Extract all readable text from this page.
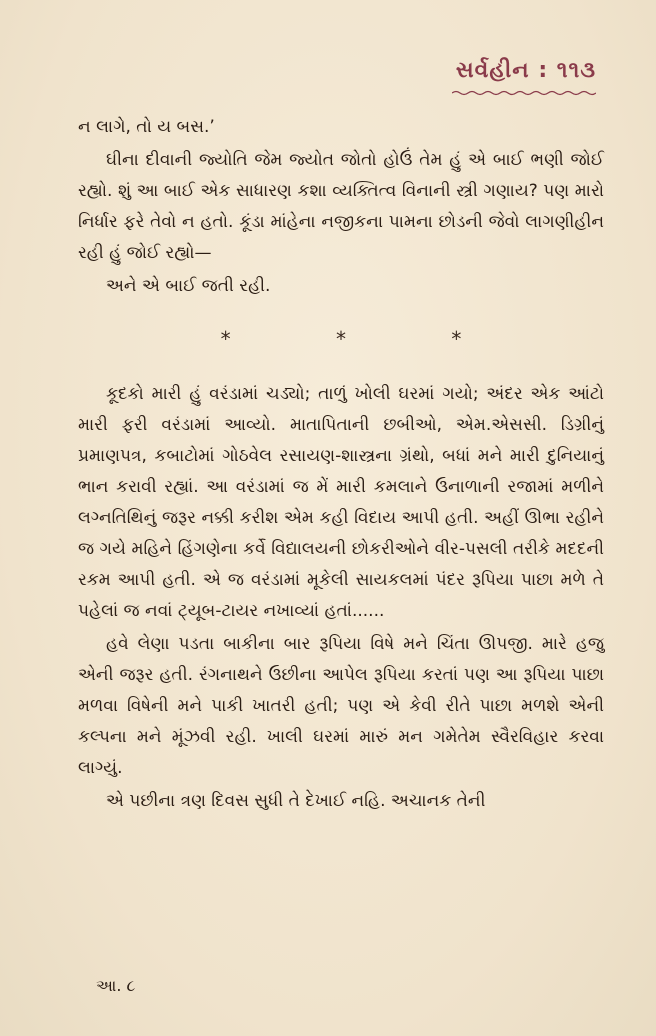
સર્વહીન : ૧૧૩

ન લાગે, તો ય બસ.’

ઘીના દીવાની જ્યોતિ જેમ જ્યોત જોતો હોઉં તેમ હું એ બાઈ ભણી જોઈ રહ્યો. શું આ બાઈ એક સાધારણ કશા વ્યક્તિત્વ વિનાની સ્ત્રી ગણાય? પણ મારો નિર્ધાર ફરે તેવો ન હતો. કૂંડા માંહેના નજીકના પામના છોડની જેવો લાગણીહીન રહી હું જોઈ રહ્યો—

અને એ બાઈ જતી રહી.

*	*	*

કૂદકો મારી હું વરંડામાં ચડ્યો; તાળું ખોલી ઘરમાં ગયો; અંદર એક આંટો મારી ફરી વરંડામાં આવ્યો. માતાપિતાની છબીઓ, એમ.એસસી. ડિગ્રીનું પ્રમાણપત્ર, કબાટોમાં ગોઠવેલ રસાયણ-શાસ્ત્રના ગ્રંથો, બધાં મને મારી દુનિયાનું ભાન કરાવી રહ્યાં. આ વરંડામાં જ મેં મારી કમલાને ઉનાળાની રજામાં મળીને લગ્નતિથિનું જરૂર નક્કી કરીશ એમ કહી વિદાય આપી હતી. અહીં ઊભા રહીને જ ગયે મહિને હિંગણેના કર્વે વિદ્યાલયની છોકરીઓને વીર-પસલી તરીકે મદદની રકમ આપી હતી. એ જ વરંડામાં મૂકેલી સાયકલમાં પંદર રૂપિયા પાછા મળે તે પહેલાં જ નવાં ટ્યૂબ-ટાયર નખાવ્યાં હતાં......

હવે લેણા પડતા બાકીના બાર રૂપિયા વિષે મને ચિંતા ઊપજી. મારે હજુ એની જરૂર હતી. રંગનાથને ઉછીના આપેલ રૂપિયા કરતાં પણ આ રૂપિયા પાછા મળવા વિષેની મને પાકી ખાતરી હતી; પણ એ કેવી રીતે પાછા મળશે એની કલ્પના મને મૂંઝવી રહી. ખાલી ઘરમાં મારું મન ગમેતેમ સ્વૈરવિહાર કરવા લાગ્યું.

એ પછીના ત્રણ દિવસ સુધી તે દેખાઈ નહિ. અચાનક તેની

આ. ૮
